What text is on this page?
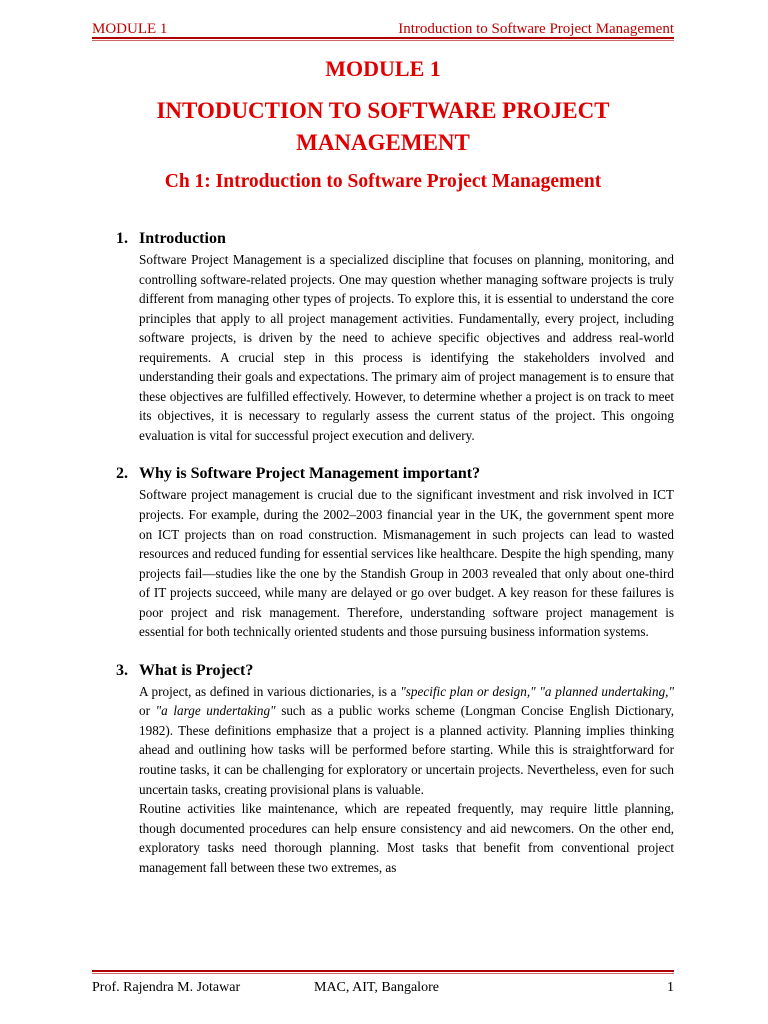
MODULE 1	Introduction to Software Project Management
MODULE 1
INTODUCTION TO SOFTWARE PROJECT MANAGEMENT
Ch 1: Introduction to Software Project Management
1. Introduction
Software Project Management is a specialized discipline that focuses on planning, monitoring, and controlling software-related projects. One may question whether managing software projects is truly different from managing other types of projects. To explore this, it is essential to understand the core principles that apply to all project management activities. Fundamentally, every project, including software projects, is driven by the need to achieve specific objectives and address real-world requirements. A crucial step in this process is identifying the stakeholders involved and understanding their goals and expectations. The primary aim of project management is to ensure that these objectives are fulfilled effectively. However, to determine whether a project is on track to meet its objectives, it is necessary to regularly assess the current status of the project. This ongoing evaluation is vital for successful project execution and delivery.
2. Why is Software Project Management important?
Software project management is crucial due to the significant investment and risk involved in ICT projects. For example, during the 2002–2003 financial year in the UK, the government spent more on ICT projects than on road construction. Mismanagement in such projects can lead to wasted resources and reduced funding for essential services like healthcare. Despite the high spending, many projects fail—studies like the one by the Standish Group in 2003 revealed that only about one-third of IT projects succeed, while many are delayed or go over budget. A key reason for these failures is poor project and risk management. Therefore, understanding software project management is essential for both technically oriented students and those pursuing business information systems.
3. What is Project?
A project, as defined in various dictionaries, is a "specific plan or design," "a planned undertaking," or "a large undertaking" such as a public works scheme (Longman Concise English Dictionary, 1982). These definitions emphasize that a project is a planned activity. Planning implies thinking ahead and outlining how tasks will be performed before starting. While this is straightforward for routine tasks, it can be challenging for exploratory or uncertain projects. Nevertheless, even for such uncertain tasks, creating provisional plans is valuable.
Routine activities like maintenance, which are repeated frequently, may require little planning, though documented procedures can help ensure consistency and aid newcomers. On the other end, exploratory tasks need thorough planning. Most tasks that benefit from conventional project management fall between these two extremes, as
Prof. Rajendra M. Jotawar	MAC, AIT, Bangalore	1
